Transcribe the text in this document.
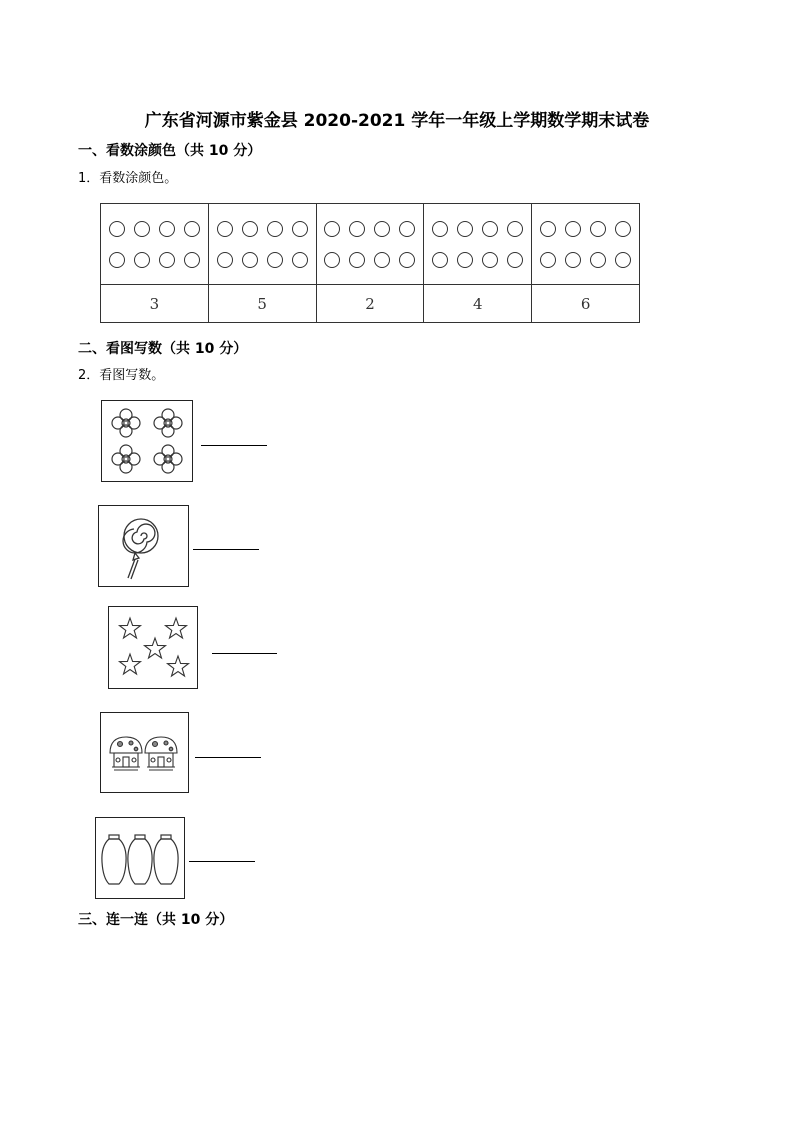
广东省河源市紫金县 2020-2021 学年一年级上学期数学期末试卷
一、看数涂颜色（共 10 分）
1．看数涂颜色。

3	5	2	4	6
二、看图写数（共 10 分）
2．看图写数。
三、连一连（共 10 分）
